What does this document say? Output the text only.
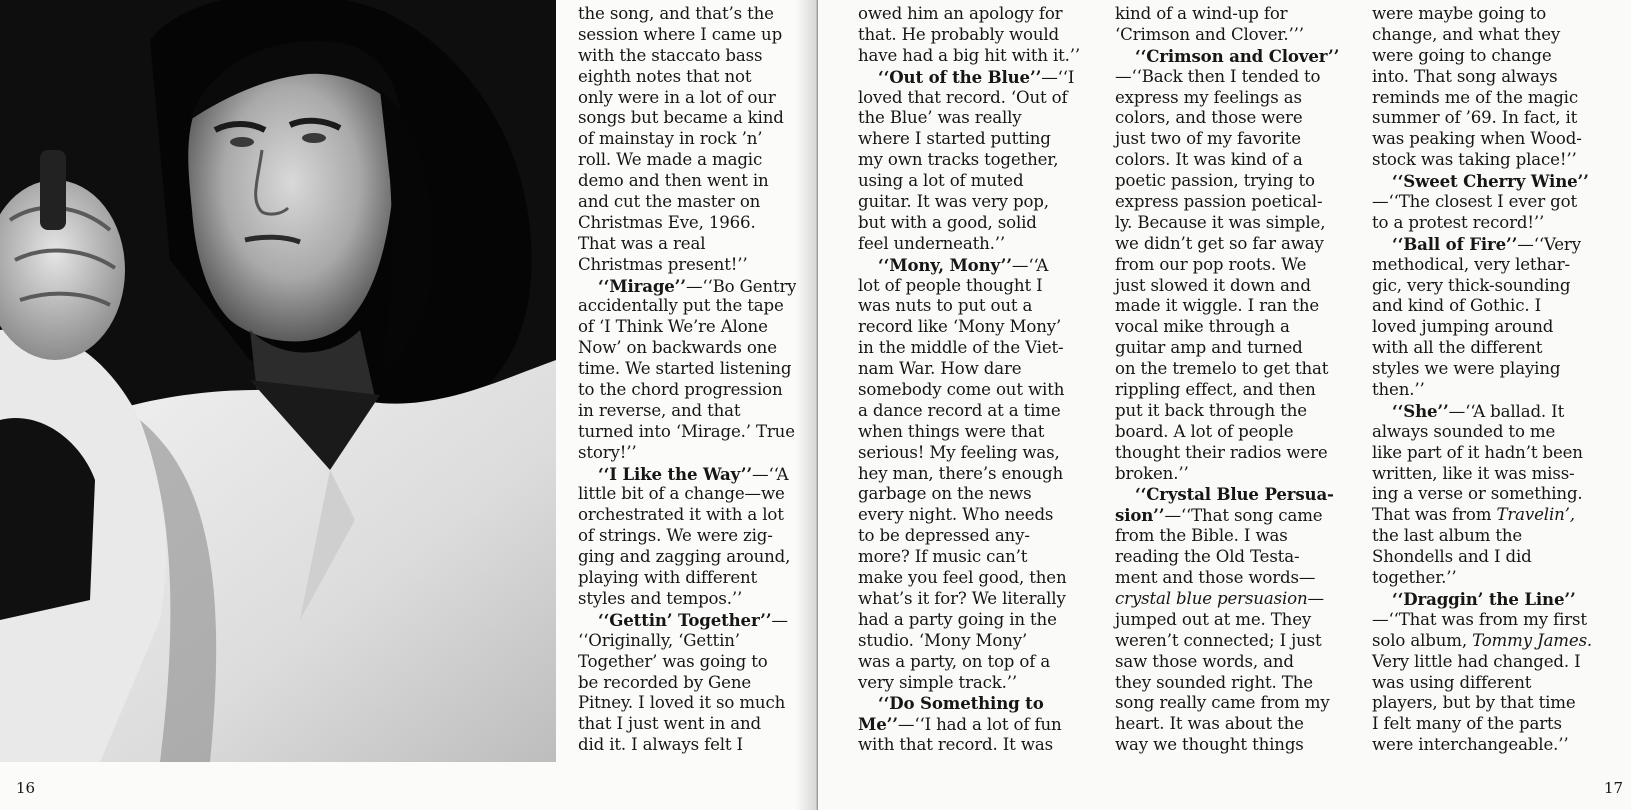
the song, and that’s the
session where I came up
with the staccato bass
eighth notes that not
only were in a lot of our
songs but became a kind
of mainstay in rock ’n’
roll. We made a magic
demo and then went in
and cut the master on
Christmas Eve, 1966.
That was a real
Christmas present!’’
‘‘Mirage’’—‘‘Bo Gentry
accidentally put the tape
of ‘I Think We’re Alone
Now’ on backwards one
time. We started listening
to the chord progression
in reverse, and that
turned into ‘Mirage.’ True
story!’’
‘‘I Like the Way’’—‘‘A
little bit of a change—we
orchestrated it with a lot
of strings. We were zig-
ging and zagging around,
playing with different
styles and tempos.’’
‘‘Gettin’ Together’’—
‘‘Originally, ‘Gettin’
Together’ was going to
be recorded by Gene
Pitney. I loved it so much
that I just went in and
did it. I always felt I
16
owed him an apology for
that. He probably would
have had a big hit with it.’’
‘‘Out of the Blue’’—‘‘I
loved that record. ‘Out of
the Blue’ was really
where I started putting
my own tracks together,
using a lot of muted
guitar. It was very pop,
but with a good, solid
feel underneath.’’
‘‘Mony, Mony’’—‘‘A
lot of people thought I
was nuts to put out a
record like ‘Mony Mony’
in the middle of the Viet-
nam War. How dare
somebody come out with
a dance record at a time
when things were that
serious! My feeling was,
hey man, there’s enough
garbage on the news
every night. Who needs
to be depressed any-
more? If music can’t
make you feel good, then
what’s it for? We literally
had a party going in the
studio. ‘Mony Mony’
was a party, on top of a
very simple track.’’
‘‘Do Something to
Me’’—‘‘I had a lot of fun
with that record. It was
kind of a wind-up for
‘Crimson and Clover.’’’
‘‘Crimson and Clover’’
—‘‘Back then I tended to
express my feelings as
colors, and those were
just two of my favorite
colors. It was kind of a
poetic passion, trying to
express passion poetical-
ly. Because it was simple,
we didn’t get so far away
from our pop roots. We
just slowed it down and
made it wiggle. I ran the
vocal mike through a
guitar amp and turned
on the tremelo to get that
rippling effect, and then
put it back through the
board. A lot of people
thought their radios were
broken.’’
‘‘Crystal Blue Persua-
sion’’—‘‘That song came
from the Bible. I was
reading the Old Testa-
ment and those words—
crystal blue persuasion—
jumped out at me. They
weren’t connected; I just
saw those words, and
they sounded right. The
song really came from my
heart. It was about the
way we thought things
were maybe going to
change, and what they
were going to change
into. That song always
reminds me of the magic
summer of ’69. In fact, it
was peaking when Wood-
stock was taking place!’’
‘‘Sweet Cherry Wine’’
—‘‘The closest I ever got
to a protest record!’’
‘‘Ball of Fire’’—‘‘Very
methodical, very lethar-
gic, very thick-sounding
and kind of Gothic. I
loved jumping around
with all the different
styles we were playing
then.’’
‘‘She’’—‘‘A ballad. It
always sounded to me
like part of it hadn’t been
written, like it was miss-
ing a verse or something.
That was from Travelin’,
the last album the
Shondells and I did
together.’’
‘‘Draggin’ the Line’’
—‘‘That was from my first
solo album, Tommy James.
Very little had changed. I
was using different
players, but by that time
I felt many of the parts
were interchangeable.’’
17
